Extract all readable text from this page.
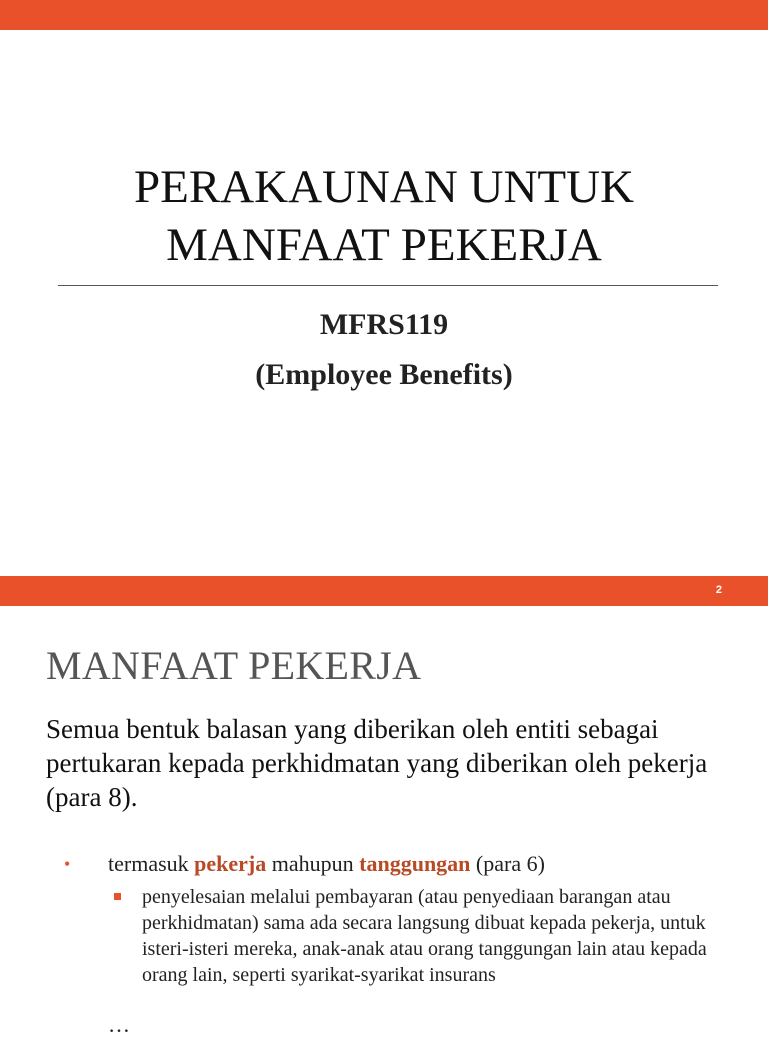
PERAKAUNAN UNTUK
MANFAAT PEKERJA
MFRS119
(Employee Benefits)
2
MANFAAT PEKERJA
Semua bentuk balasan yang diberikan oleh entiti sebagai pertukaran kepada perkhidmatan yang diberikan oleh pekerja (para 8).
• termasuk pekerja mahupun tanggungan (para 6)
penyelesaian melalui pembayaran (atau penyediaan barangan atau perkhidmatan) sama ada secara langsung dibuat kepada pekerja, untuk isteri-isteri mereka, anak-anak atau orang tanggungan lain atau kepada orang lain, seperti syarikat-syarikat insurans
…
